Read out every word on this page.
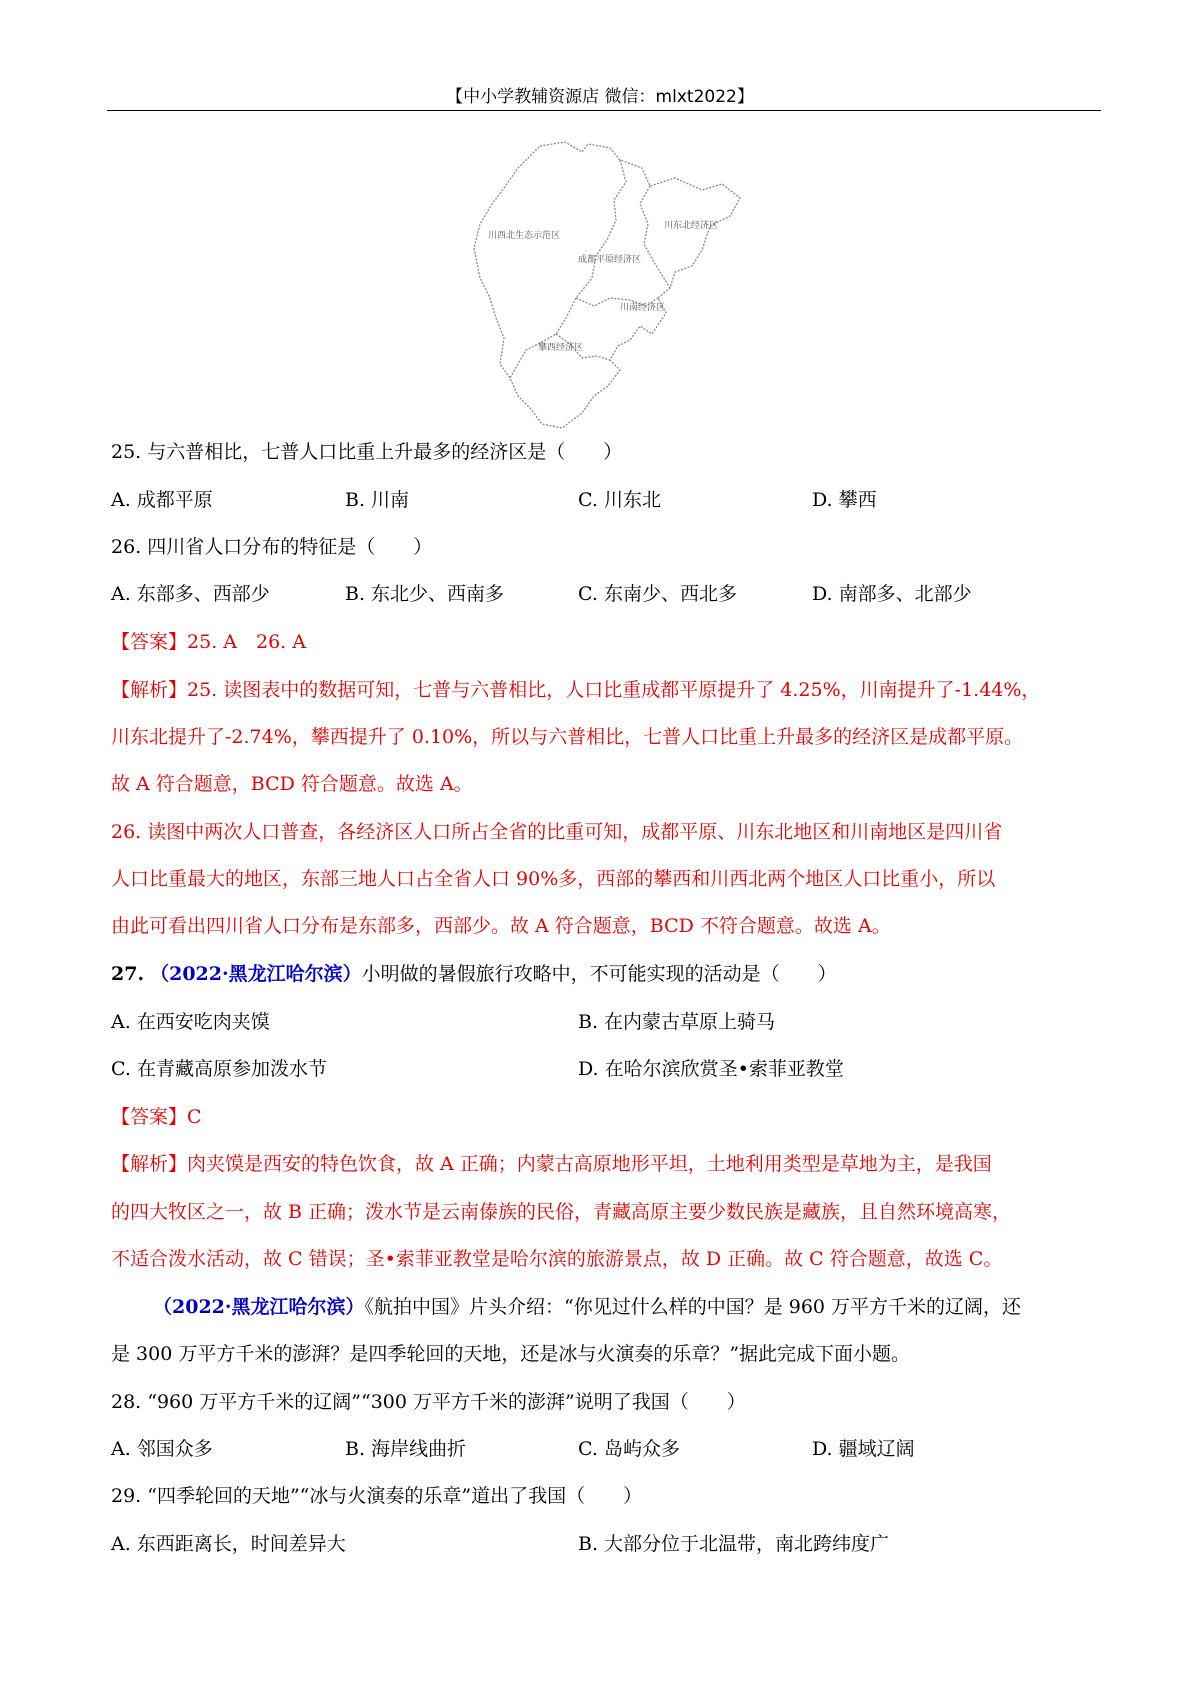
【中小学教辅资源店 微信：mlxt2022】
川西北生态示范区
川东北经济区
成都平原经济区
川南经济区
攀西经济区
25. 与六普相比，七普人口比重上升最多的经济区是（　　）
A. 成都平原	B. 川南	C. 川东北	D. 攀西
26. 四川省人口分布的特征是（　　）
A. 东部多、西部少	B. 东北少、西南多	C. 东南少、西北多	D. 南部多、北部少
【答案】25. A　26. A
【解析】25. 读图表中的数据可知，七普与六普相比，人口比重成都平原提升了 4.25%，川南提升了-1.44%，
川东北提升了-2.74%，攀西提升了 0.10%，所以与六普相比，七普人口比重上升最多的经济区是成都平原。
故 A 符合题意，BCD 符合题意。故选 A。
26. 读图中两次人口普查，各经济区人口所占全省的比重可知，成都平原、川东北地区和川南地区是四川省
人口比重最大的地区，东部三地人口占全省人口 90%多，西部的攀西和川西北两个地区人口比重小，所以
由此可看出四川省人口分布是东部多，西部少。故 A 符合题意，BCD 不符合题意。故选 A。
27. （2022·黑龙江哈尔滨）小明做的暑假旅行攻略中，不可能实现的活动是（　　）
A. 在西安吃肉夹馍	B. 在内蒙古草原上骑马
C. 在青藏高原参加泼水节	D. 在哈尔滨欣赏圣•索菲亚教堂
【答案】C
【解析】肉夹馍是西安的特色饮食，故 A 正确；内蒙古高原地形平坦，土地利用类型是草地为主，是我国
的四大牧区之一，故 B 正确；泼水节是云南傣族的民俗，青藏高原主要少数民族是藏族，且自然环境高寒，
不适合泼水活动，故 C 错误；圣•索菲亚教堂是哈尔滨的旅游景点，故 D 正确。故 C 符合题意，故选 C。
（2022·黑龙江哈尔滨）《航拍中国》片头介绍：“你见过什么样的中国？是 960 万平方千米的辽阔，还
是 300 万平方千米的澎湃？是四季轮回的天地，还是冰与火演奏的乐章？”据此完成下面小题。
28. “960 万平方千米的辽阔”“300 万平方千米的澎湃”说明了我国（　　）
A. 邻国众多	B. 海岸线曲折	C. 岛屿众多	D. 疆域辽阔
29. “四季轮回的天地”“冰与火演奏的乐章”道出了我国（　　）
A. 东西距离长，时间差异大	B. 大部分位于北温带，南北跨纬度广
